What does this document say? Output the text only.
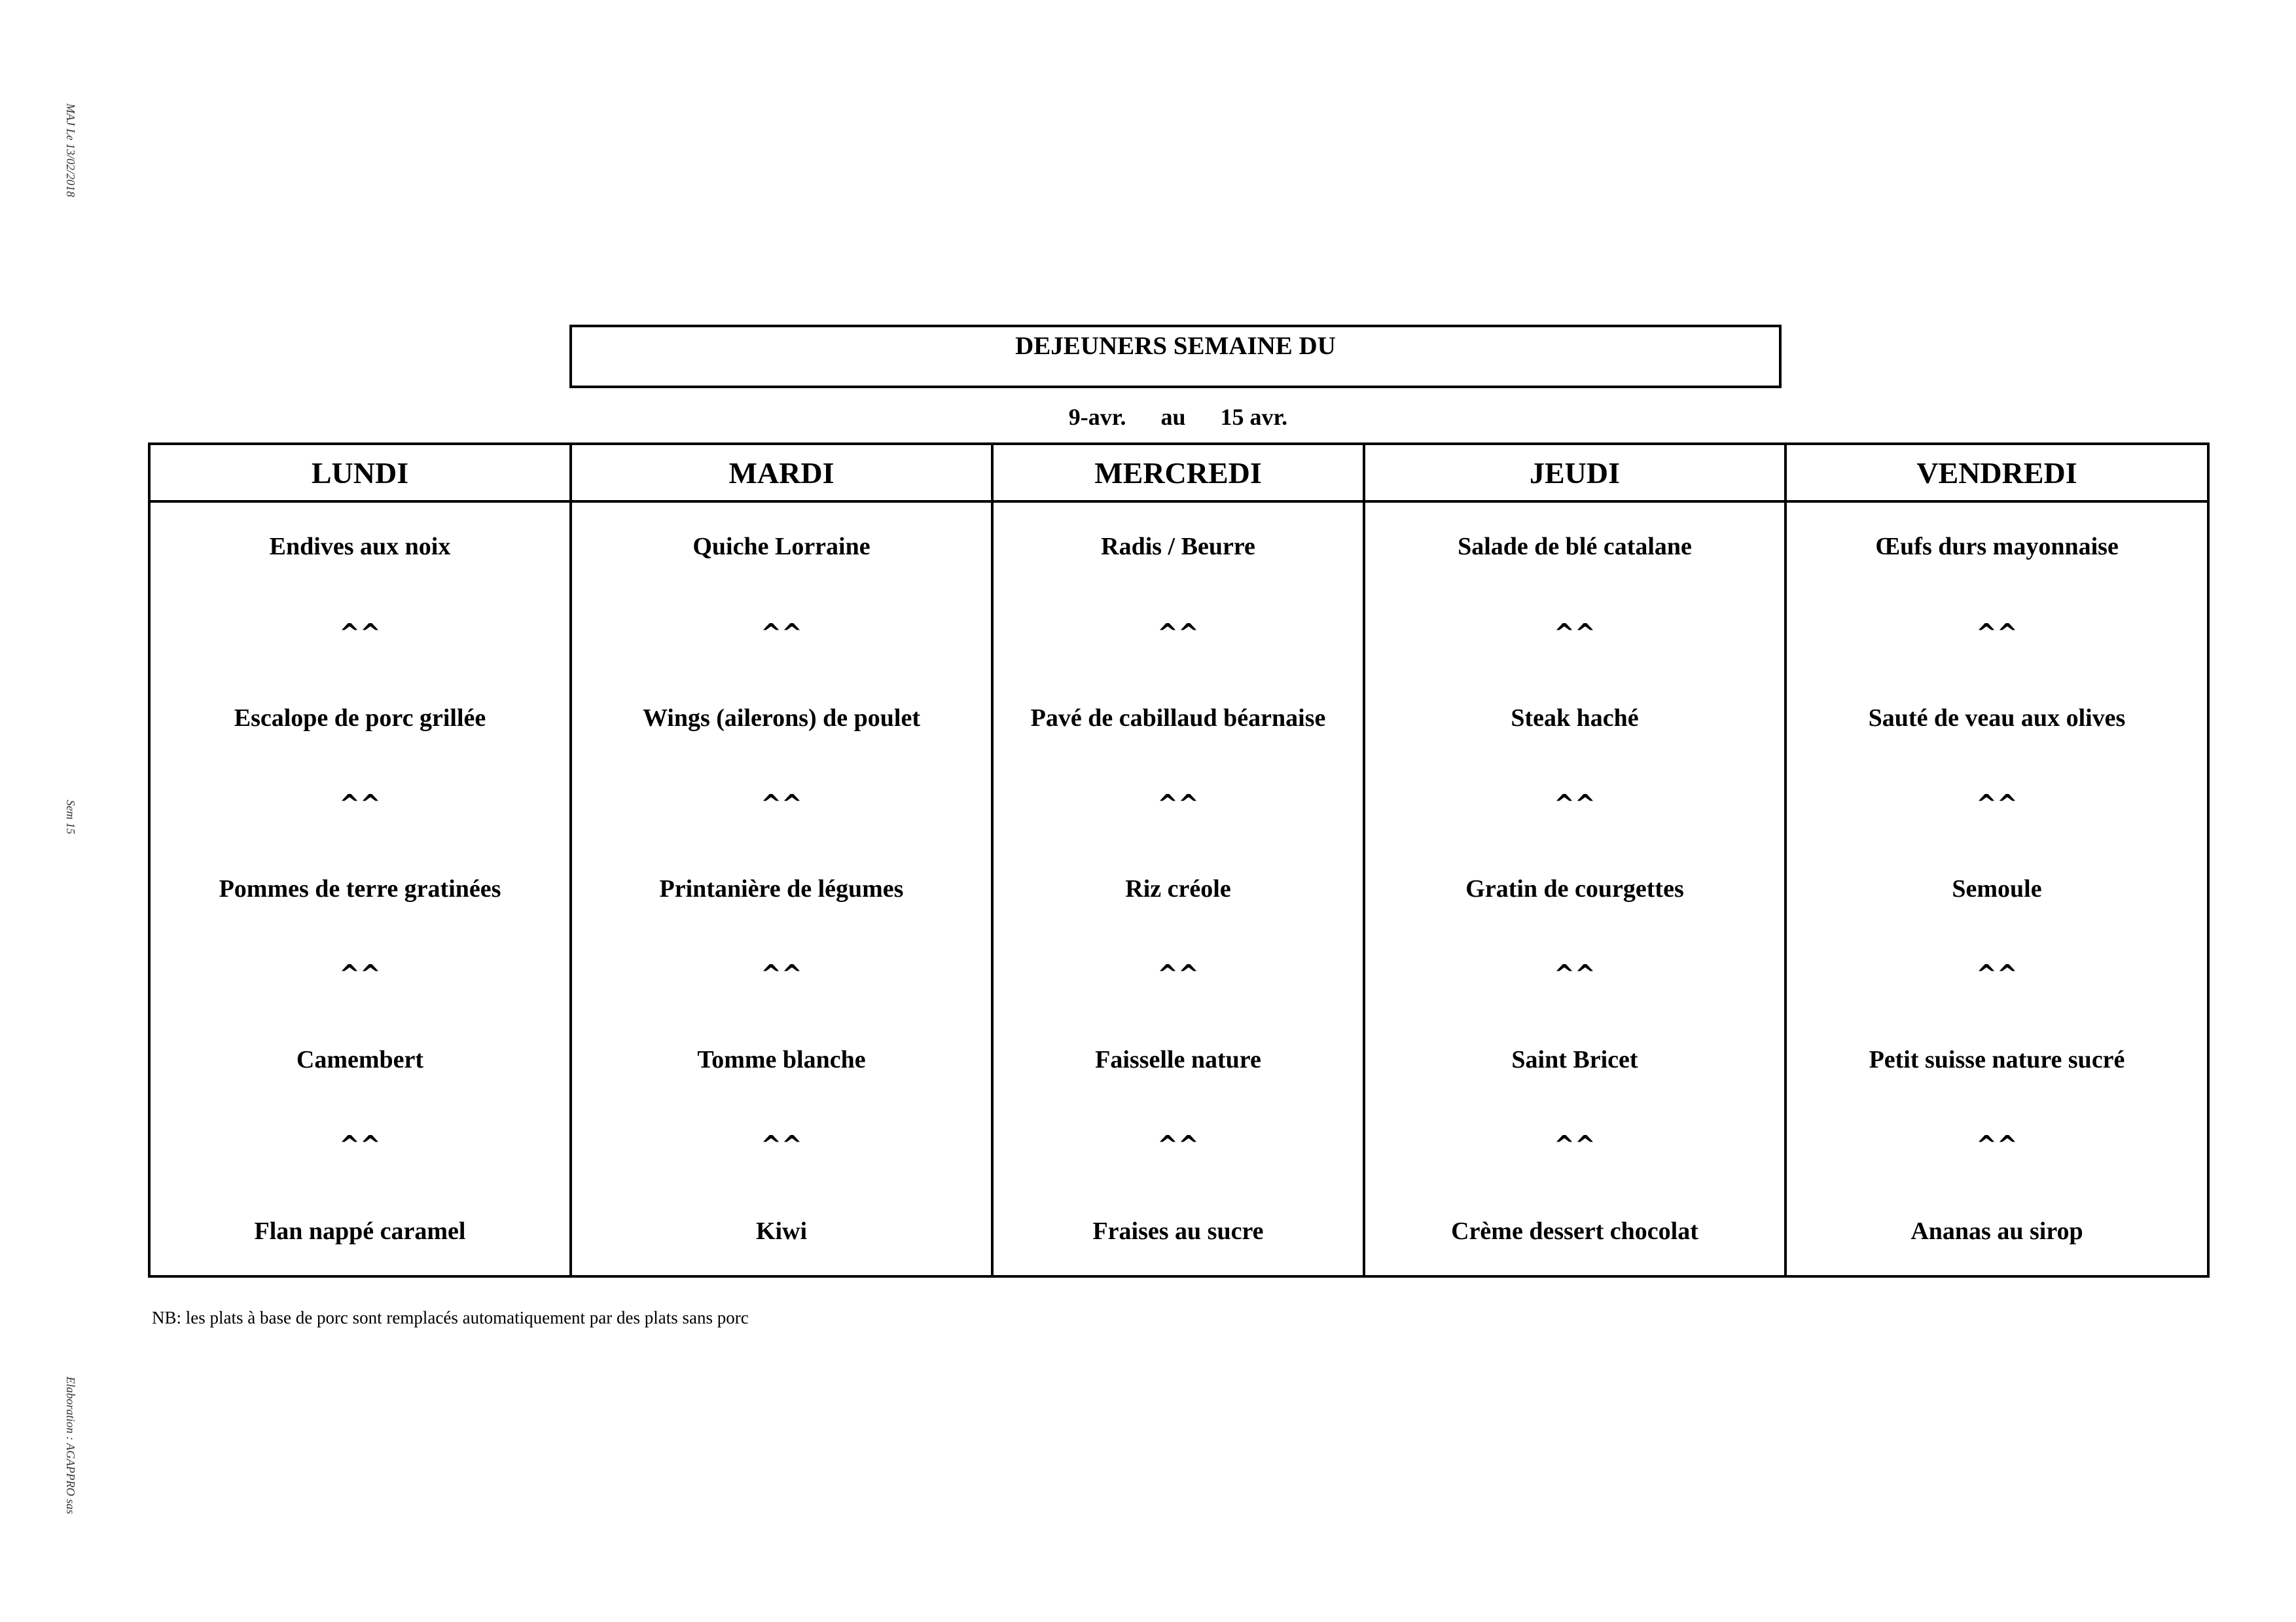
MAJ Le 13/02/2018
Sem 15
Elaboration : AGAPPRO sas
DEJEUNERS SEMAINE DU
9-avr. au 15 avr.
LUNDI	MARDI	MERCREDI	JEUDI	VENDREDI
Endives aux noix	Quiche Lorraine	Radis / Beurre	Salade de blé catalane	Œufs durs mayonnaise
^^	^^	^^	^^	^^
Escalope de porc grillée	Wings (ailerons) de poulet	Pavé de cabillaud béarnaise	Steak haché	Sauté de veau aux olives
^^	^^	^^	^^	^^
Pommes de terre gratinées	Printanière de légumes	Riz créole	Gratin de courgettes	Semoule
^^	^^	^^	^^	^^
Camembert	Tomme blanche	Faisselle nature	Saint Bricet	Petit suisse nature sucré
^^	^^	^^	^^	^^
Flan nappé caramel	Kiwi	Fraises au sucre	Crème dessert chocolat	Ananas au sirop
NB: les plats à base de porc sont remplacés automatiquement par des plats sans porc
